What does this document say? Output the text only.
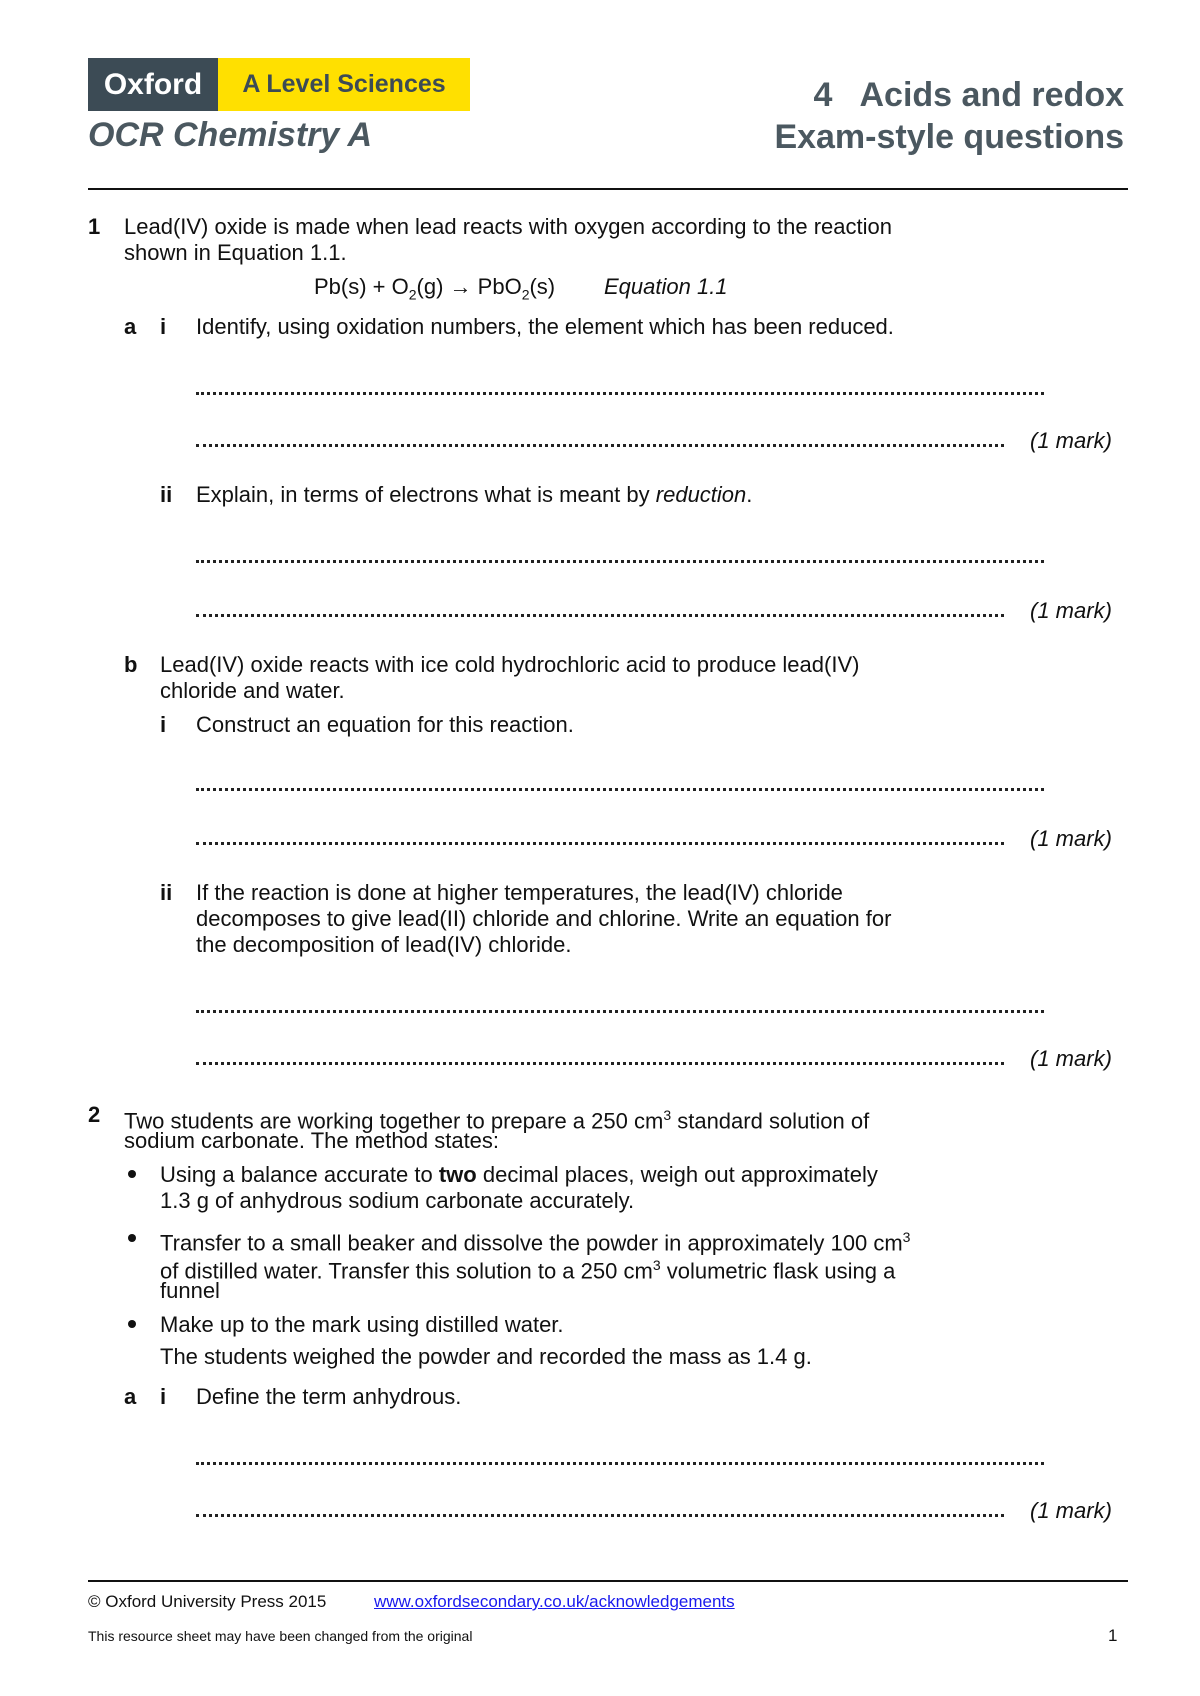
Oxford	A Level Sciences
OCR Chemistry A
4   Acids and redox
Exam-style questions
1 Lead(IV) oxide is made when lead reacts with oxygen according to the reaction
shown in Equation 1.1.
$Pb(s) + O_2(g) \to PbO_2(s)$ Equation 1.1
a i Identify, using oxidation numbers, the element which has been reduced.
(1 mark)
ii Explain, in terms of electrons what is meant by reduction.
(1 mark)
b Lead(IV) oxide reacts with ice cold hydrochloric acid to produce lead(IV)
chloride and water.
i Construct an equation for this reaction.
(1 mark)
ii If the reaction is done at higher temperatures, the lead(IV) chloride
decomposes to give lead(II) chloride and chlorine. Write an equation for
the decomposition of lead(IV) chloride.
(1 mark)
2 Two students are working together to prepare a 250 $cm^3$ standard solution of
sodium carbonate. The method states:
Using a balance accurate to two decimal places, weigh out approximately
1.3 g of anhydrous sodium carbonate accurately.
Transfer to a small beaker and dissolve the powder in approximately 100 $cm^3$
of distilled water. Transfer this solution to a 250 $cm^3$ volumetric flask using a
funnel
Make up to the mark using distilled water.
The students weighed the powder and recorded the mass as 1.4 g.
a i Define the term anhydrous.
(1 mark)
© Oxford University Press 2015	www.oxfordsecondary.co.uk/acknowledgements
This resource sheet may have been changed from the original	1
